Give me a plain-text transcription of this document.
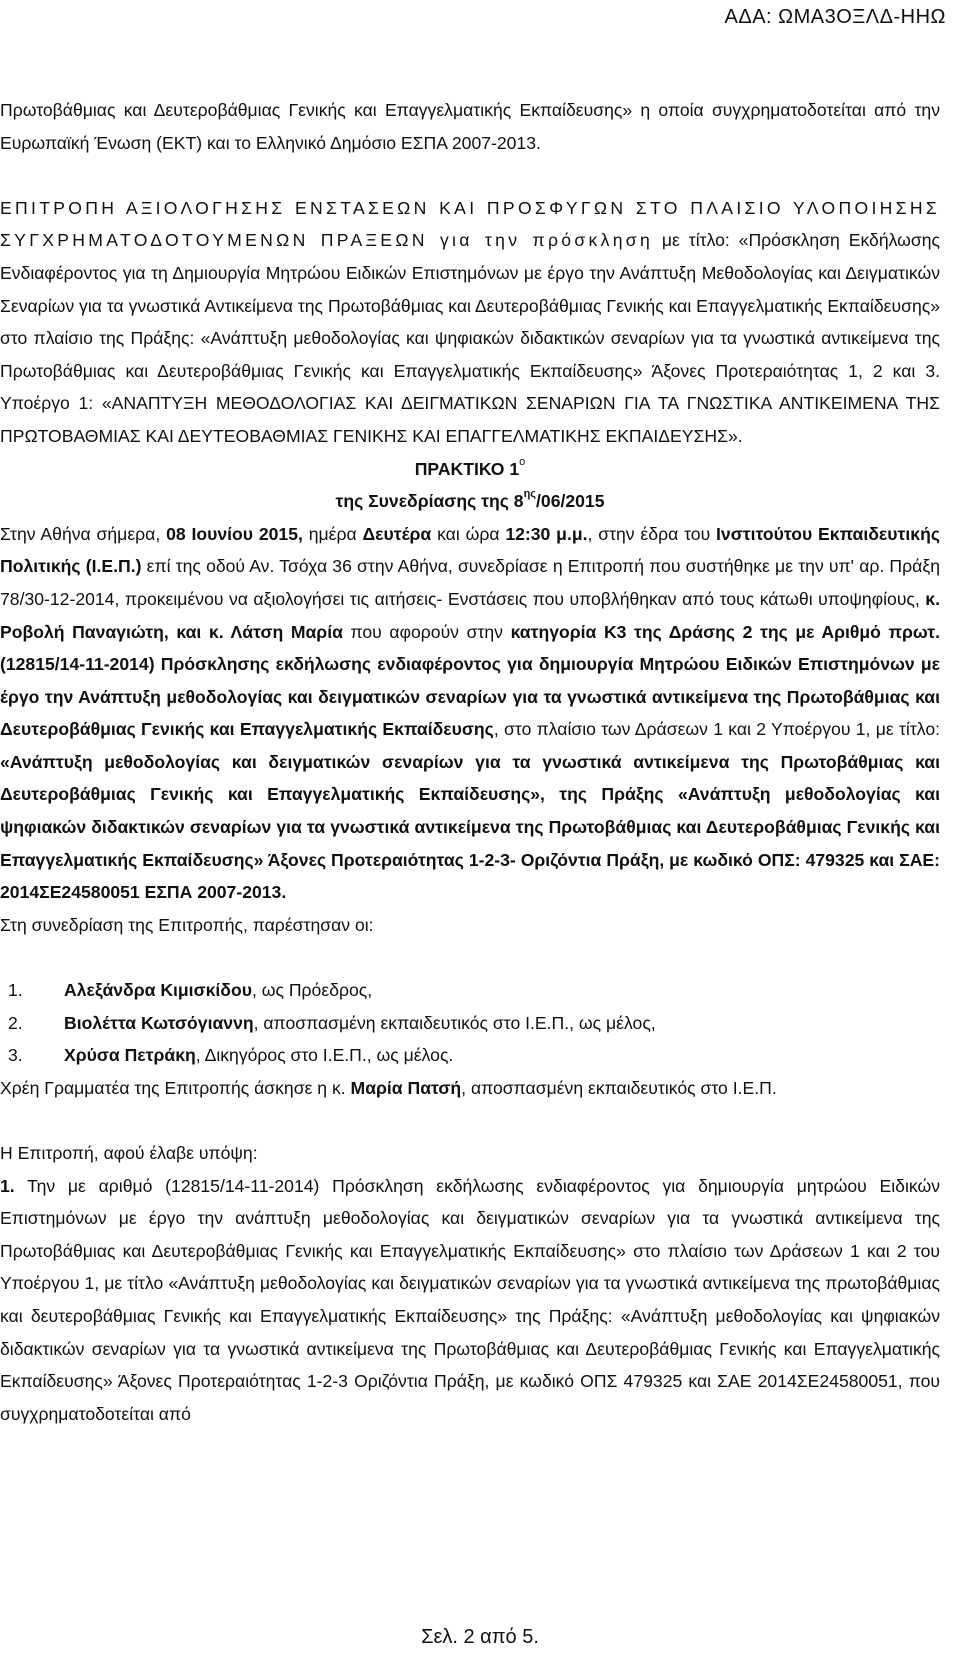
ΑΔΑ: ΩΜΑ3ΟΞΛΔ-ΗΗΩ

Πρωτοβάθμιας και Δευτεροβάθμιας Γενικής και Επαγγελματικής Εκπαίδευσης» η οποία συγχρηματοδοτείται από την Ευρωπαϊκή Ένωση (ΕΚΤ) και το Ελληνικό Δημόσιο ΕΣΠΑ 2007-2013.

ΕΠΙΤΡΟΠΗ ΑΞΙΟΛΟΓΗΣΗΣ ΕΝΣΤΑΣΕΩΝ ΚΑΙ ΠΡΟΣΦΥΓΩΝ ΣΤΟ ΠΛΑΙΣΙΟ ΥΛΟΠΟΙΗΣΗΣ ΣΥΓΧΡΗΜΑΤΟΔΟΤΟΥΜΕΝΩΝ ΠΡΑΞΕΩΝ για την πρόσκληση με τίτλο: «Πρόσκληση Εκδήλωσης Ενδιαφέροντος για τη Δημιουργία Μητρώου Ειδικών Επιστημόνων με έργο την Ανάπτυξη Μεθοδολογίας και Δειγματικών Σεναρίων για τα γνωστικά Αντικείμενα της Πρωτοβάθμιας και Δευτεροβάθμιας Γενικής και Επαγγελματικής Εκπαίδευσης» στο πλαίσιο της Πράξης: «Ανάπτυξη μεθοδολογίας και ψηφιακών διδακτικών σεναρίων για τα γνωστικά αντικείμενα της Πρωτοβάθμιας και Δευτεροβάθμιας Γενικής και Επαγγελματικής Εκπαίδευσης» Άξονες Προτεραιότητας 1, 2 και 3. Υποέργο 1: «ΑΝΑΠΤΥΞΗ ΜΕΘΟΔΟΛΟΓΙΑΣ ΚΑΙ ΔΕΙΓΜΑΤΙΚΩΝ ΣΕΝΑΡΙΩΝ ΓΙΑ ΤΑ ΓΝΩΣΤΙΚΑ ΑΝΤΙΚΕΙΜΕΝΑ ΤΗΣ ΠΡΩΤΟΒΑΘΜΙΑΣ ΚΑΙ ΔΕΥΤΕΟΒΑΘΜΙΑΣ ΓΕΝΙΚΗΣ ΚΑΙ ΕΠΑΓΓΕΛΜΑΤΙΚΗΣ ΕΚΠΑΙΔΕΥΣΗΣ».

ΠΡΑΚΤΙΚΟ $1^o$

της Συνεδρίασης της $8^{\eta\varsigma}/06/2015$

Στην Αθήνα σήμερα, 08 Ιουνίου 2015, ημέρα Δευτέρα και ώρα 12:30 μ.μ., στην έδρα του Ινστιτούτου Εκπαιδευτικής Πολιτικής (Ι.Ε.Π.) επί της οδού Αν. Τσόχα 36 στην Αθήνα, συνεδρίασε η Επιτροπή που συστήθηκε με την υπ' αρ. Πράξη 78/30-12-2014, προκειμένου να αξιολογήσει τις αιτήσεις- Ενστάσεις που υποβλήθηκαν από τους κάτωθι υποψηφίους, κ. Ροβολή Παναγιώτη, και κ. Λάτση Μαρία που αφορούν στην κατηγορία Κ3 της Δράσης 2 της με Αριθμό πρωτ. (12815/14-11-2014) Πρόσκλησης εκδήλωσης ενδιαφέροντος για δημιουργία Μητρώου Ειδικών Επιστημόνων με έργο την Ανάπτυξη μεθοδολογίας και δειγματικών σεναρίων για τα γνωστικά αντικείμενα της Πρωτοβάθμιας και Δευτεροβάθμιας Γενικής και Επαγγελματικής Εκπαίδευσης, στο πλαίσιο των Δράσεων 1 και 2 Υποέργου 1, με τίτλο: «Ανάπτυξη μεθοδολογίας και δειγματικών σεναρίων για τα γνωστικά αντικείμενα της Πρωτοβάθμιας και Δευτεροβάθμιας Γενικής και Επαγγελματικής Εκπαίδευσης», της Πράξης «Ανάπτυξη μεθοδολογίας και ψηφιακών διδακτικών σεναρίων για τα γνωστικά αντικείμενα της Πρωτοβάθμιας και Δευτεροβάθμιας Γενικής και Επαγγελματικής Εκπαίδευσης» Άξονες Προτεραιότητας 1-2-3- Οριζόντια Πράξη, με κωδικό ΟΠΣ: 479325 και ΣΑΕ: 2014ΣΕ24580051 ΕΣΠΑ 2007-2013.

Στη συνεδρίαση της Επιτροπής, παρέστησαν οι:

1.	Αλεξάνδρα Κιμισκίδου, ως Πρόεδρος,
2.	Βιολέττα Κωτσόγιαννη, αποσπασμένη εκπαιδευτικός στο Ι.Ε.Π., ως μέλος,
3.	Χρύσα Πετράκη, Δικηγόρος στο Ι.Ε.Π., ως μέλος.

Χρέη Γραμματέα της Επιτροπής άσκησε η κ. Μαρία Πατσή, αποσπασμένη εκπαιδευτικός στο Ι.Ε.Π.

Η Επιτροπή, αφού έλαβε υπόψη:

1. Την με αριθμό (12815/14-11-2014) Πρόσκληση εκδήλωσης ενδιαφέροντος για δημιουργία μητρώου Ειδικών Επιστημόνων με έργο την ανάπτυξη μεθοδολογίας και δειγματικών σεναρίων για τα γνωστικά αντικείμενα της Πρωτοβάθμιας και Δευτεροβάθμιας Γενικής και Επαγγελματικής Εκπαίδευσης» στο πλαίσιο των Δράσεων 1 και 2 του Υποέργου 1, με τίτλο «Ανάπτυξη μεθοδολογίας και δειγματικών σεναρίων για τα γνωστικά αντικείμενα της πρωτοβάθμιας και δευτεροβάθμιας Γενικής και Επαγγελματικής Εκπαίδευσης» της Πράξης: «Ανάπτυξη μεθοδολογίας και ψηφιακών διδακτικών σεναρίων για τα γνωστικά αντικείμενα της Πρωτοβάθμιας και Δευτεροβάθμιας Γενικής και Επαγγελματικής Εκπαίδευσης» Άξονες Προτεραιότητας 1-2-3 Οριζόντια Πράξη, με κωδικό ΟΠΣ 479325 και ΣΑΕ 2014ΣΕ24580051, που συγχρηματοδοτείται από

Σελ. 2 από 5.
